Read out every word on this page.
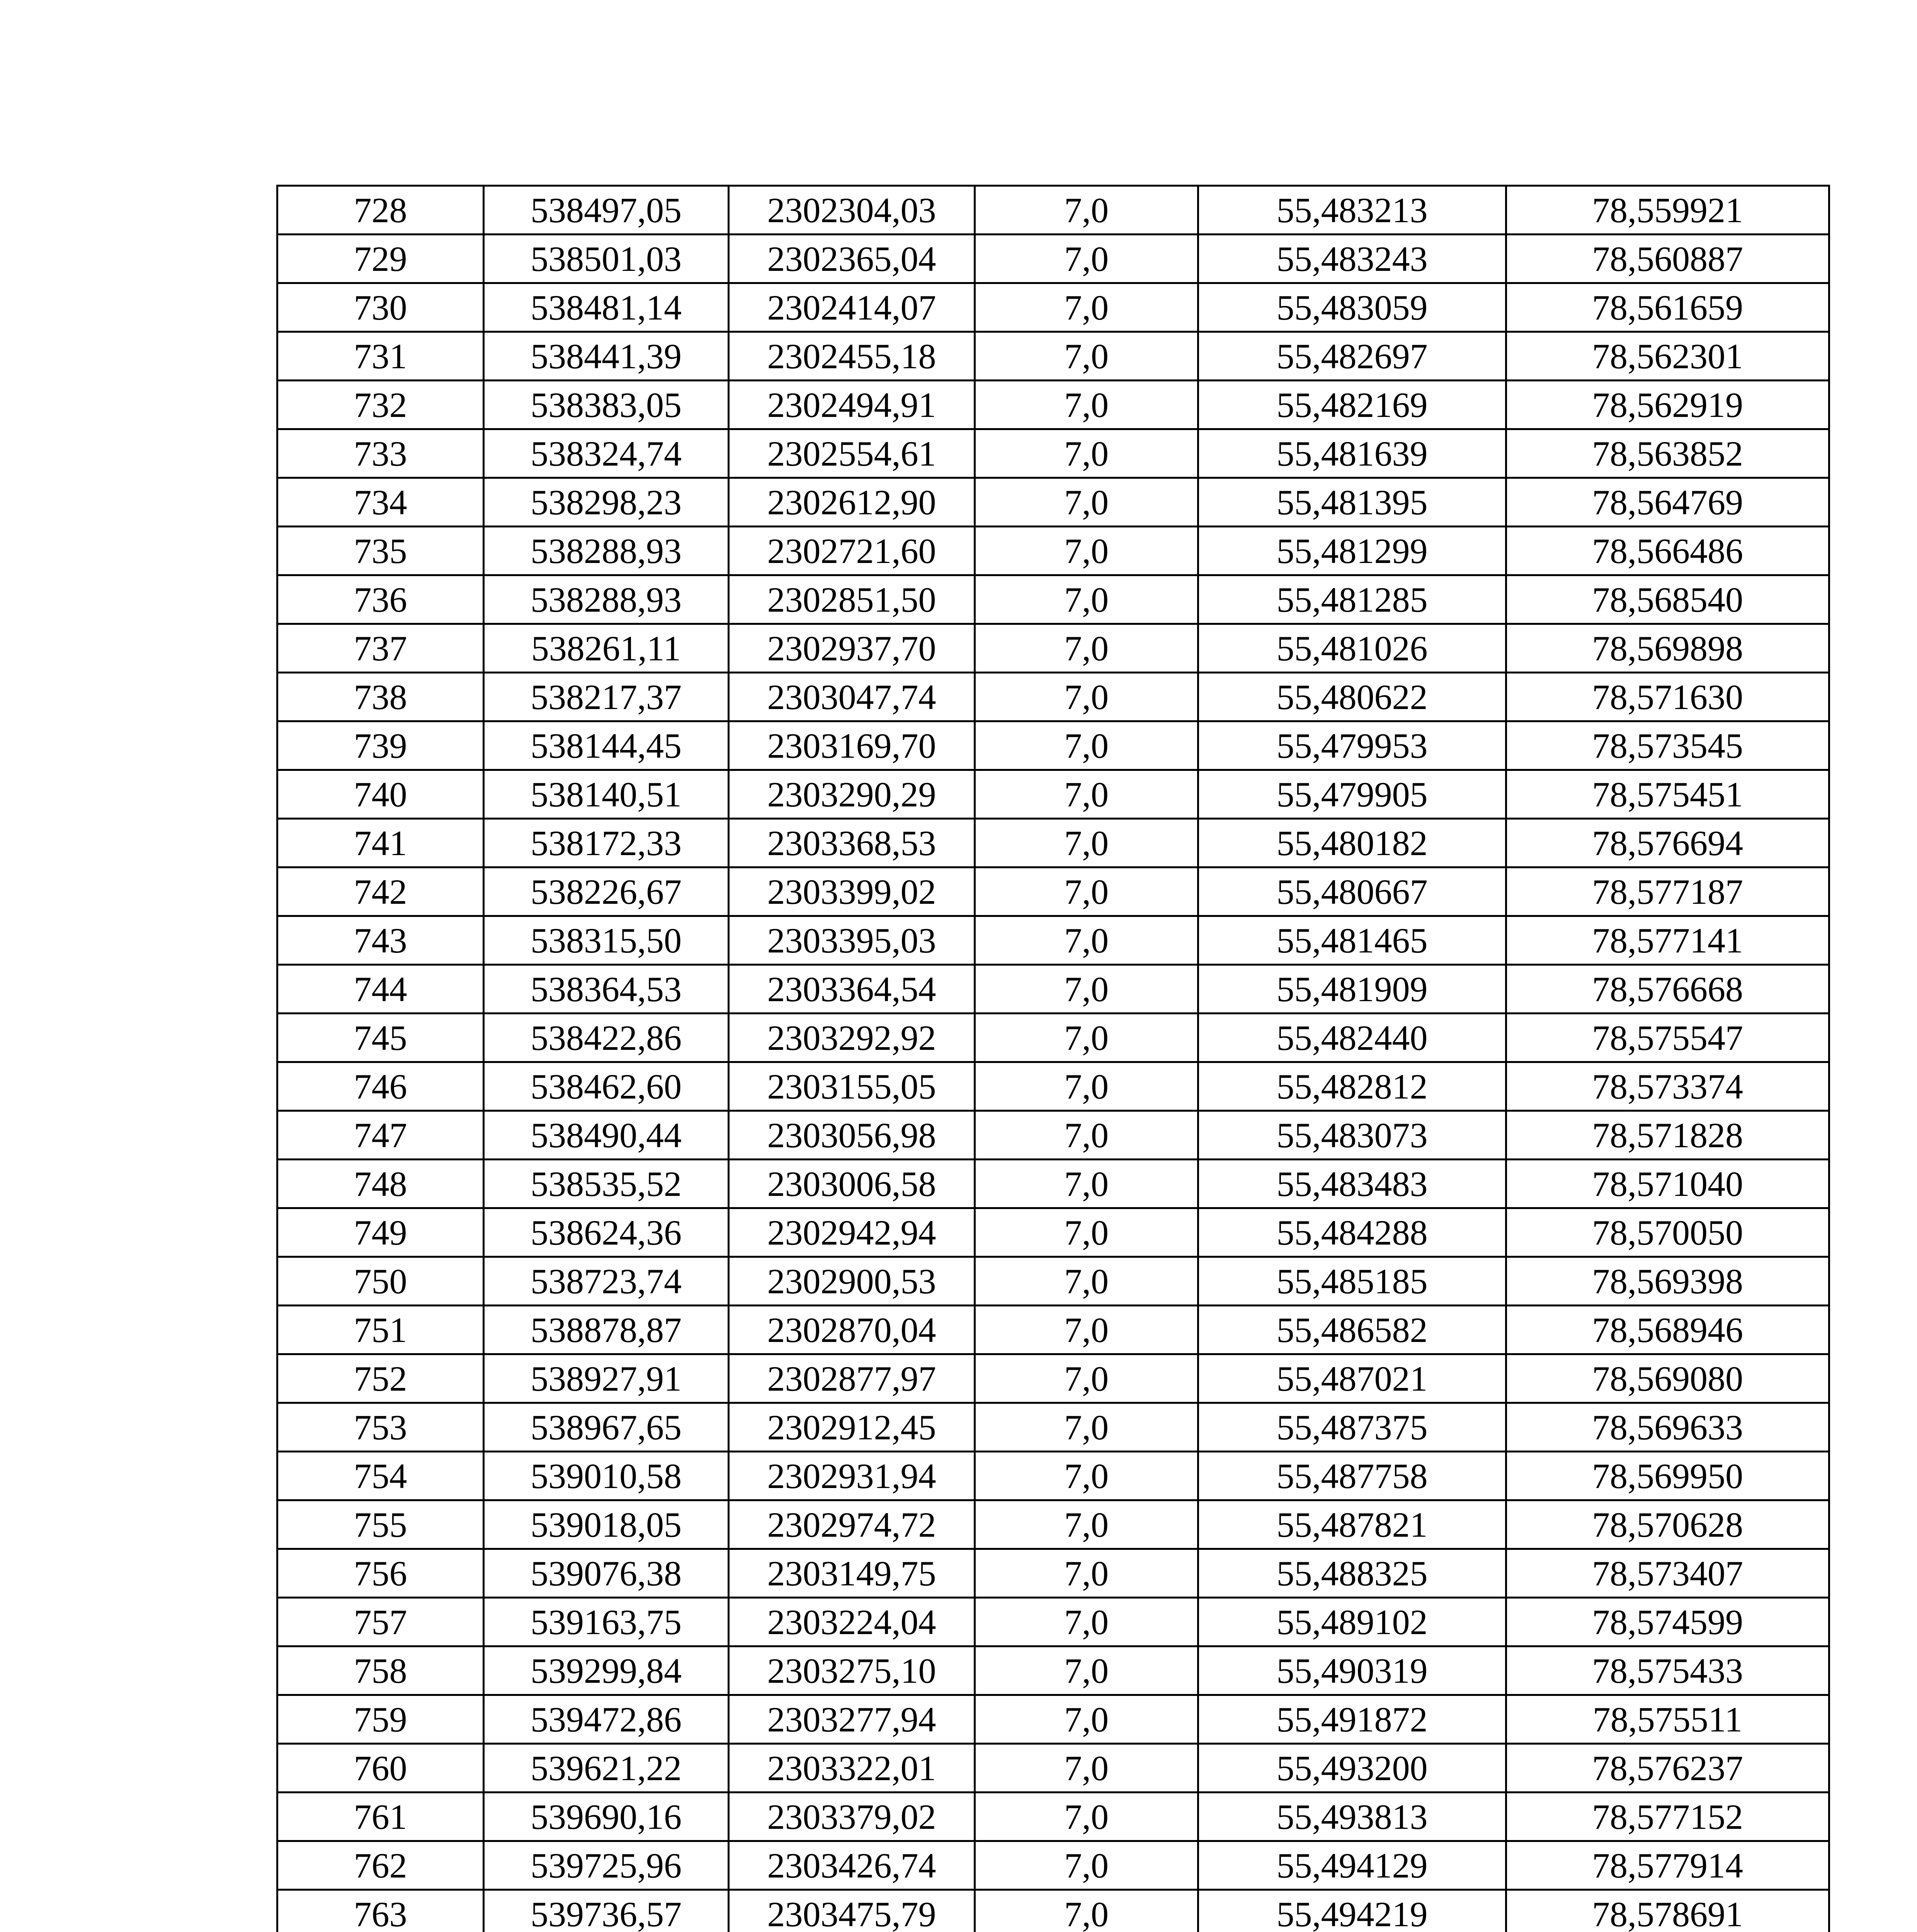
728	538497,05	2302304,03	7,0	55,483213	78,559921
729	538501,03	2302365,04	7,0	55,483243	78,560887
730	538481,14	2302414,07	7,0	55,483059	78,561659
731	538441,39	2302455,18	7,0	55,482697	78,562301
732	538383,05	2302494,91	7,0	55,482169	78,562919
733	538324,74	2302554,61	7,0	55,481639	78,563852
734	538298,23	2302612,90	7,0	55,481395	78,564769
735	538288,93	2302721,60	7,0	55,481299	78,566486
736	538288,93	2302851,50	7,0	55,481285	78,568540
737	538261,11	2302937,70	7,0	55,481026	78,569898
738	538217,37	2303047,74	7,0	55,480622	78,571630
739	538144,45	2303169,70	7,0	55,479953	78,573545
740	538140,51	2303290,29	7,0	55,479905	78,575451
741	538172,33	2303368,53	7,0	55,480182	78,576694
742	538226,67	2303399,02	7,0	55,480667	78,577187
743	538315,50	2303395,03	7,0	55,481465	78,577141
744	538364,53	2303364,54	7,0	55,481909	78,576668
745	538422,86	2303292,92	7,0	55,482440	78,575547
746	538462,60	2303155,05	7,0	55,482812	78,573374
747	538490,44	2303056,98	7,0	55,483073	78,571828
748	538535,52	2303006,58	7,0	55,483483	78,571040
749	538624,36	2302942,94	7,0	55,484288	78,570050
750	538723,74	2302900,53	7,0	55,485185	78,569398
751	538878,87	2302870,04	7,0	55,486582	78,568946
752	538927,91	2302877,97	7,0	55,487021	78,569080
753	538967,65	2302912,45	7,0	55,487375	78,569633
754	539010,58	2302931,94	7,0	55,487758	78,569950
755	539018,05	2302974,72	7,0	55,487821	78,570628
756	539076,38	2303149,75	7,0	55,488325	78,573407
757	539163,75	2303224,04	7,0	55,489102	78,574599
758	539299,84	2303275,10	7,0	55,490319	78,575433
759	539472,86	2303277,94	7,0	55,491872	78,575511
760	539621,22	2303322,01	7,0	55,493200	78,576237
761	539690,16	2303379,02	7,0	55,493813	78,577152
762	539725,96	2303426,74	7,0	55,494129	78,577914
763	539736,57	2303475,79	7,0	55,494219	78,578691
